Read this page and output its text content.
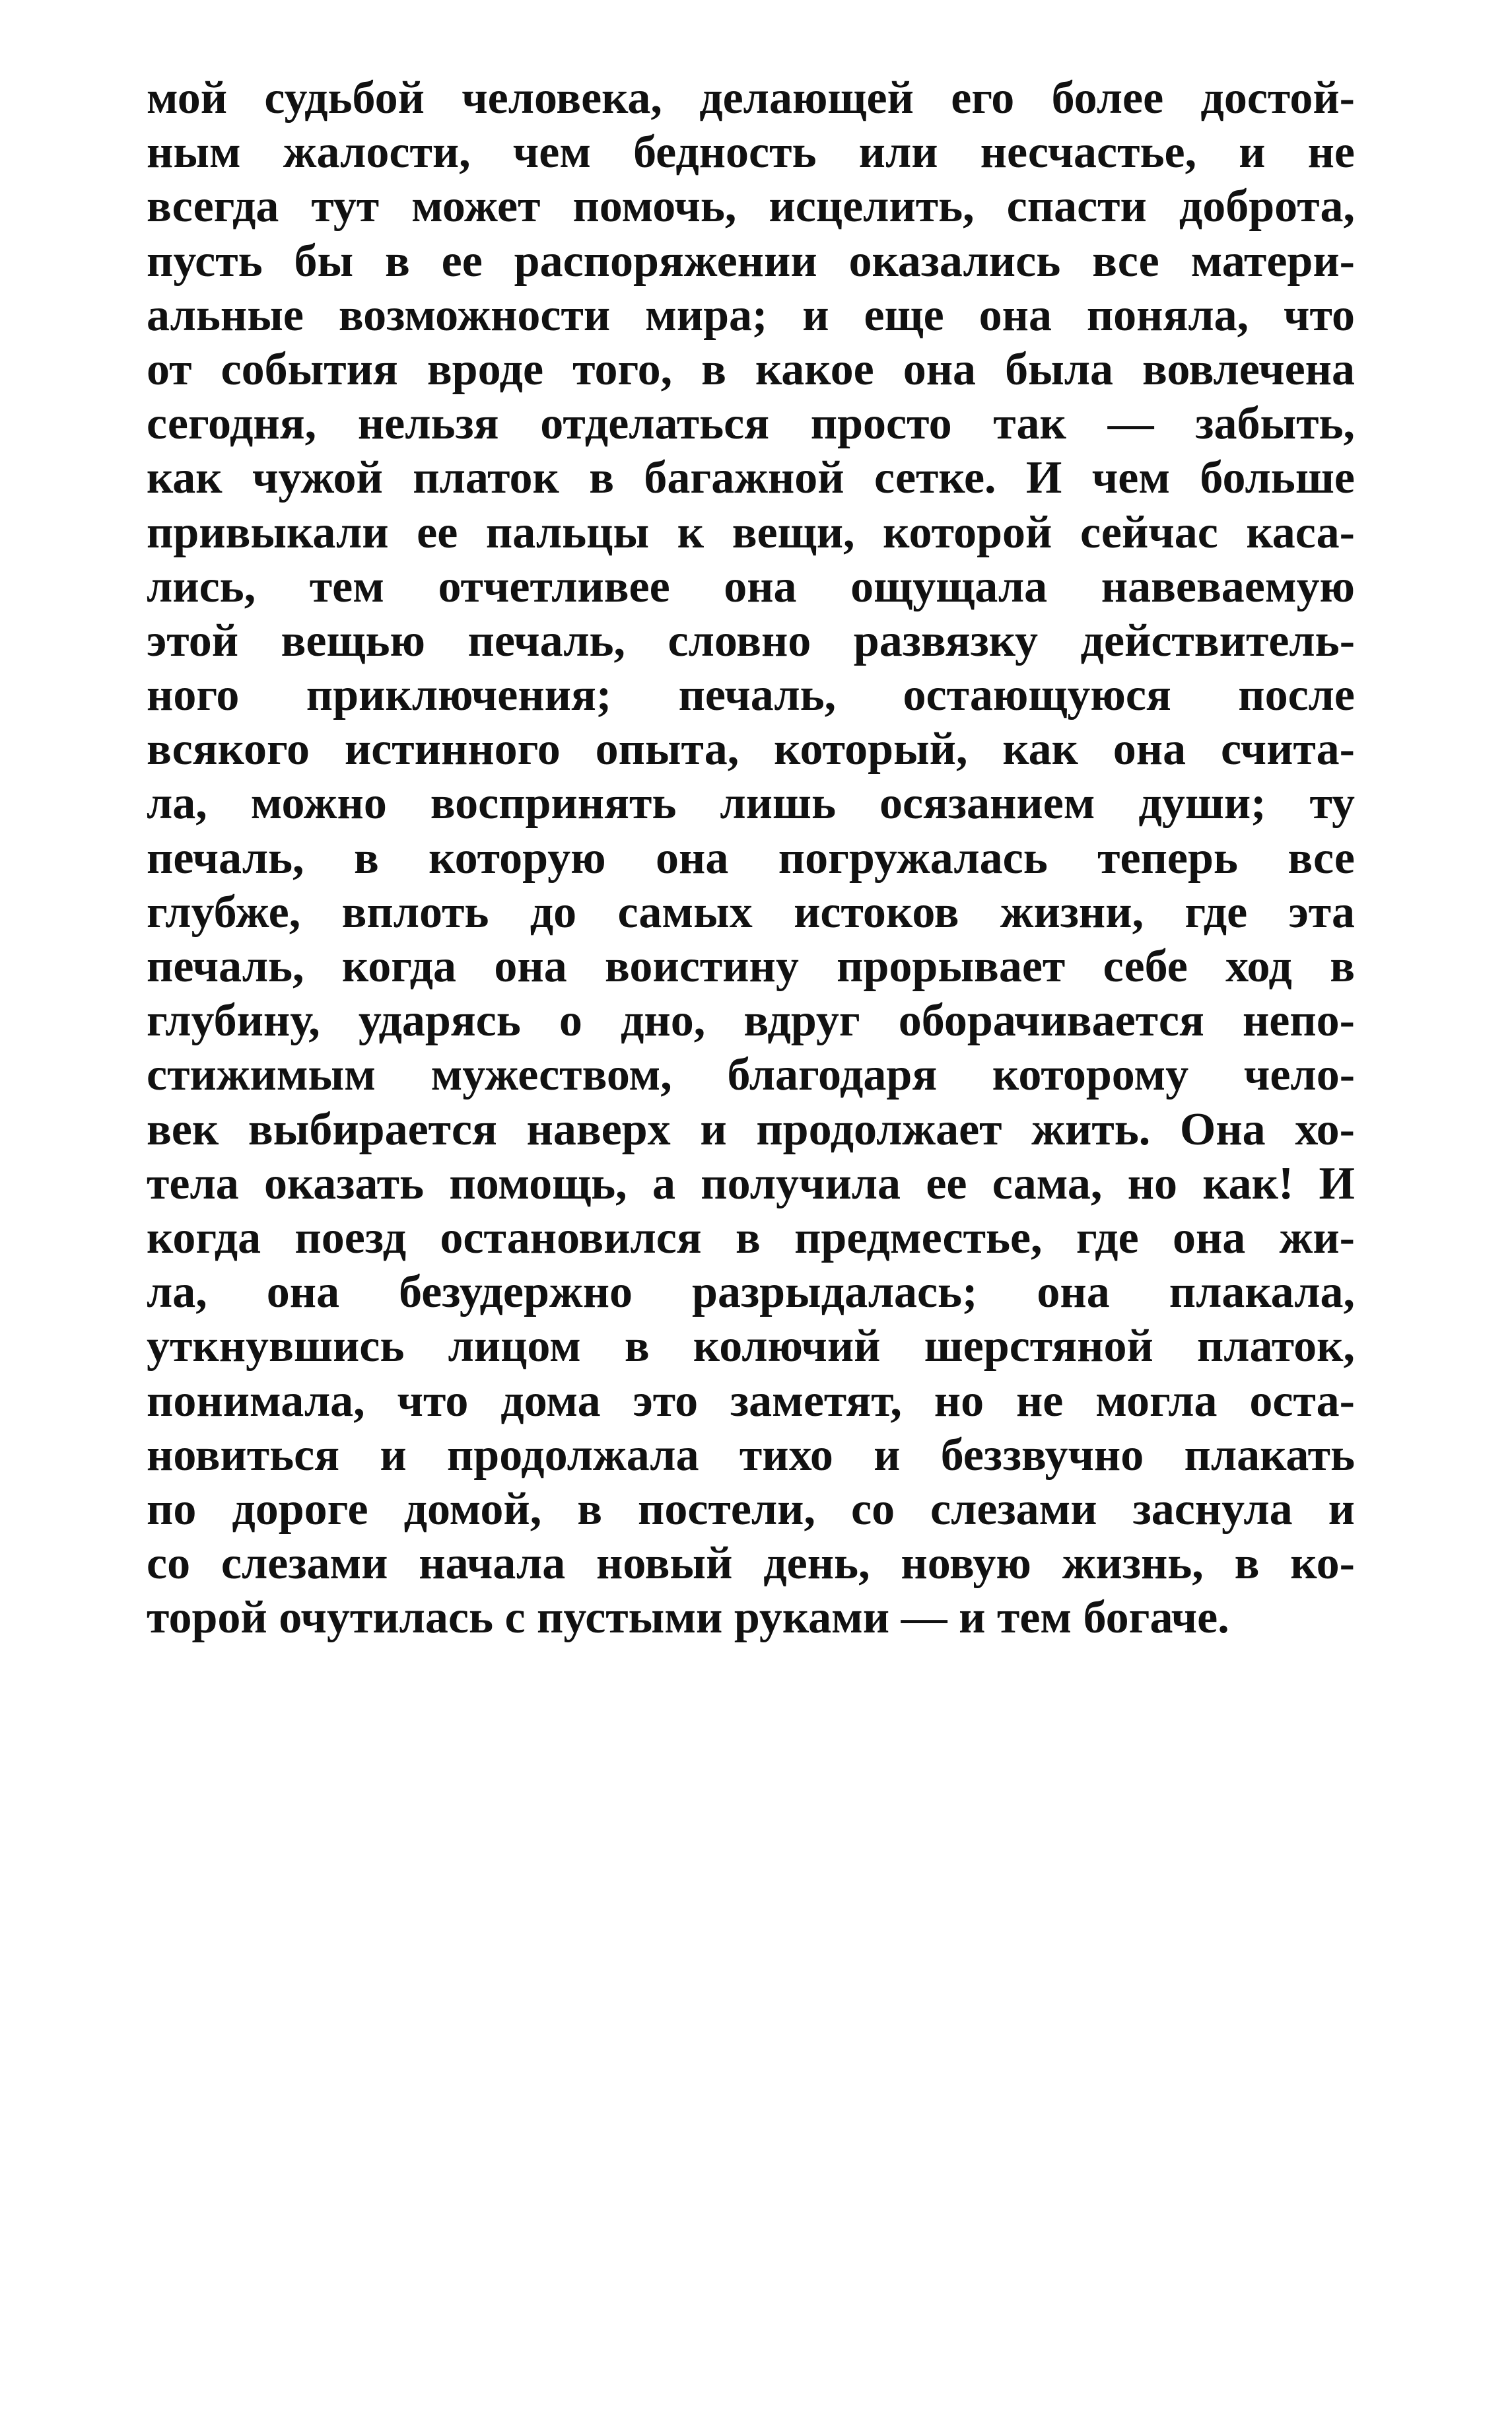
мой судьбой человека, делающей его более достой-
ным жалости, чем бедность или несчастье, и не
всегда тут может помочь, исцелить, спасти доброта,
пусть бы в ее распоряжении оказались все матери-
альные возможности мира; и еще она поняла, что
от события вроде того, в какое она была вовлечена
сегодня, нельзя отделаться просто так — забыть,
как чужой платок в багажной сетке. И чем больше
привыкали ее пальцы к вещи, которой сейчас каса-
лись, тем отчетливее она ощущала навеваемую
этой вещью печаль, словно развязку действитель-
ного приключения; печаль, остающуюся после
всякого истинного опыта, который, как она счита-
ла, можно воспринять лишь осязанием души; ту
печаль, в которую она погружалась теперь все
глубже, вплоть до самых истоков жизни, где эта
печаль, когда она воистину прорывает себе ход в
глубину, ударясь о дно, вдруг оборачивается непо-
стижимым мужеством, благодаря которому чело-
век выбирается наверх и продолжает жить. Она хо-
тела оказать помощь, а получила ее сама, но как! И
когда поезд остановился в предместье, где она жи-
ла, она безудержно разрыдалась; она плакала,
уткнувшись лицом в колючий шерстяной платок,
понимала, что дома это заметят, но не могла оста-
новиться и продолжала тихо и беззвучно плакать
по дороге домой, в постели, со слезами заснула и
со слезами начала новый день, новую жизнь, в ко-
торой очутилась с пустыми руками — и тем богаче.
